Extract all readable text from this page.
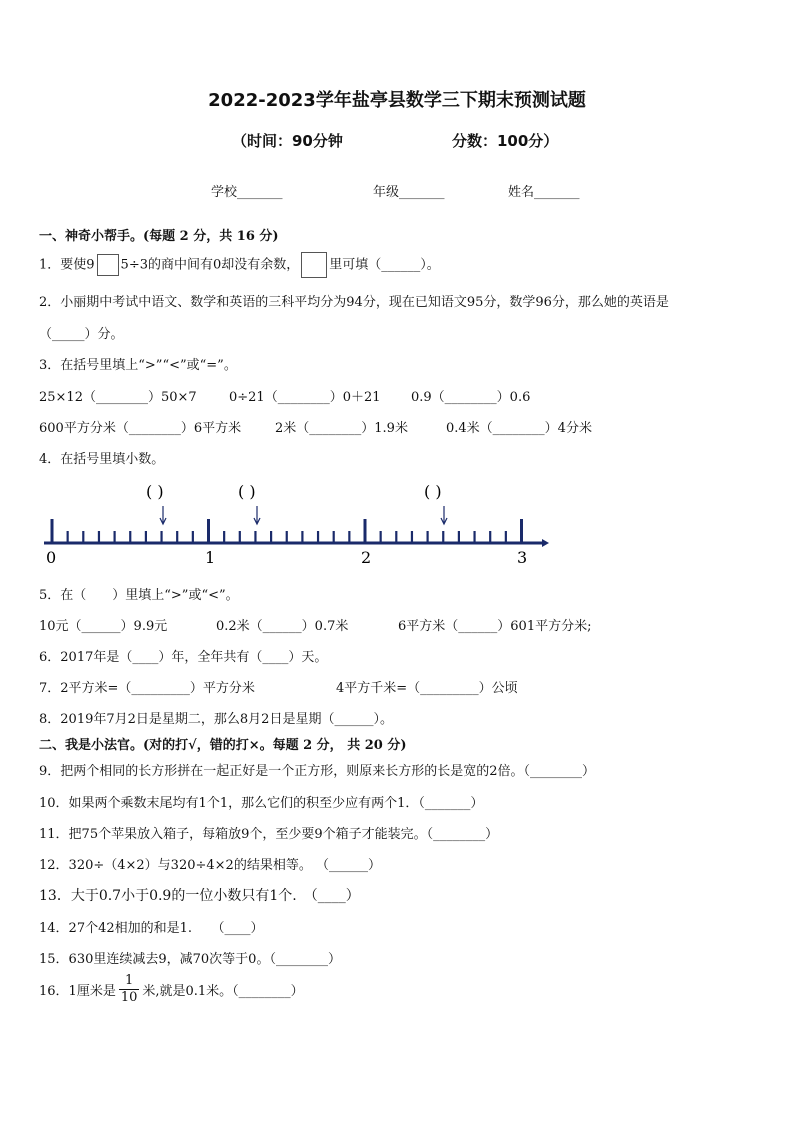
2022-2023学年盐亭县数学三下期末预测试题
（时间：90分钟	分数：100分）
学校_______	年级_______	姓名_______
一、神奇小帮手。(每题 2 分，共 16 分)
1．要使9 5÷3的商中间有0却没有余数， 里可填（______）。
2．小丽期中考试中语文、数学和英语的三科平均分为94分，现在已知语文95分，数学96分，那么她的英语是
（_____）分。
3．在括号里填上“>”“<”或“=”。
25×12（________）50×7 0÷21（________）0＋21 0.9（________）0.6
600平方分米（________）6平方米	2米（________）1.9米	0.4米（________）4分米
4．在括号里填小数。
( )	( )	( )
0	1	2	3
5．在（　　）里填上“>”或“<”。
10元（______）9.9元	0.2米（______）0.7米	6平方米（______）601平方分米;
6．2017年是（____）年，全年共有（____）天。
7．2平方米=（_________）平方分米	4平方千米=（_________）公顷
8．2019年7月2日是星期二，那么8月2日是星期（______）。
二、我是小法官。(对的打√，错的打×。每题 2 分， 共 20 分)
9．把两个相同的长方形拼在一起正好是一个正方形，则原来长方形的长是宽的2倍。（________）
10．如果两个乘数末尾均有1个1，那么它们的积至少应有两个1．（_______）
11．把75个苹果放入箱子，每箱放9个，至少要9个箱子才能装完。（________）
12．320÷（4×2）与320÷4×2的结果相等。 （______）
13．大于0.7小于0.9的一位小数只有1个.　（____）
14．27个42相加的和是1.　　（____）
15．630里连续减去9，减70次等于0。（________）
16．1厘米是 $\frac{1}{10}$ 米,就是0.1米。（________）
